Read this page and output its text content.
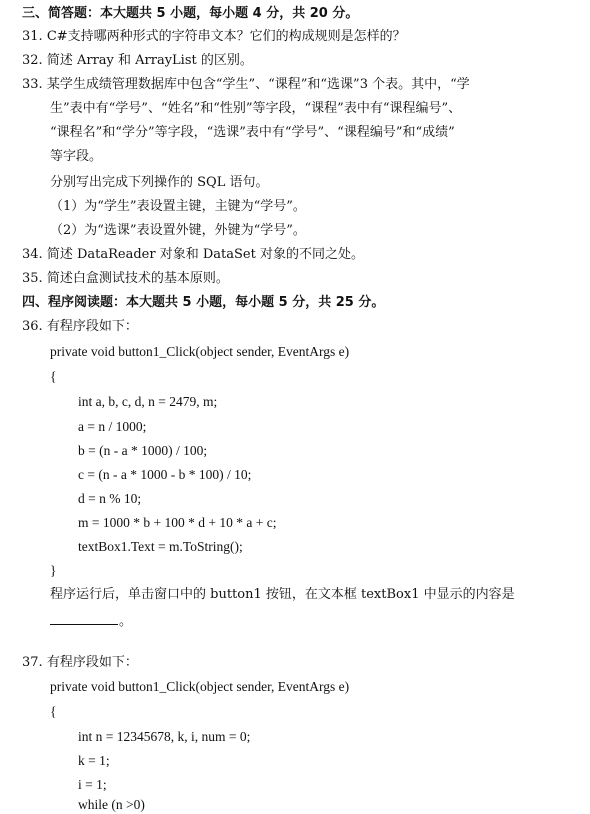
三、简答题：本大题共 5 小题，每小题 4 分，共 20 分。
31. C#支持哪两种形式的字符串文本？它们的构成规则是怎样的？
32. 简述 Array 和 ArrayList 的区别。
33. 某学生成绩管理数据库中包含“学生”、“课程”和“选课”3 个表。其中，“学
生”表中有“学号”、“姓名”和“性别”等字段，“课程”表中有“课程编号”、
“课程名”和“学分”等字段，“选课”表中有“学号”、“课程编号”和“成绩”
等字段。
分别写出完成下列操作的 SQL 语句。
（1）为“学生”表设置主键，主键为“学号”。
（2）为“选课”表设置外键，外键为“学号”。
34. 简述 DataReader 对象和 DataSet 对象的不同之处。
35. 简述白盒测试技术的基本原则。
四、程序阅读题：本大题共 5 小题，每小题 5 分，共 25 分。
36. 有程序段如下：
private void button1_Click(object sender, EventArgs e)
{
int a, b, c, d, n = 2479, m;
a = n / 1000;
b = (n - a * 1000) / 100;
c = (n - a * 1000 - b * 100) / 10;
d = n % 10;
m = 1000 * b + 100 * d + 10 * a + c;
textBox1.Text = m.ToString();
}
程序运行后，单击窗口中的 button1 按钮，在文本框 textBox1 中显示的内容是
。
37. 有程序段如下：
private void button1_Click(object sender, EventArgs e)
{
int n = 12345678, k, i, num = 0;
k = 1;
i = 1;
while (n >0)
